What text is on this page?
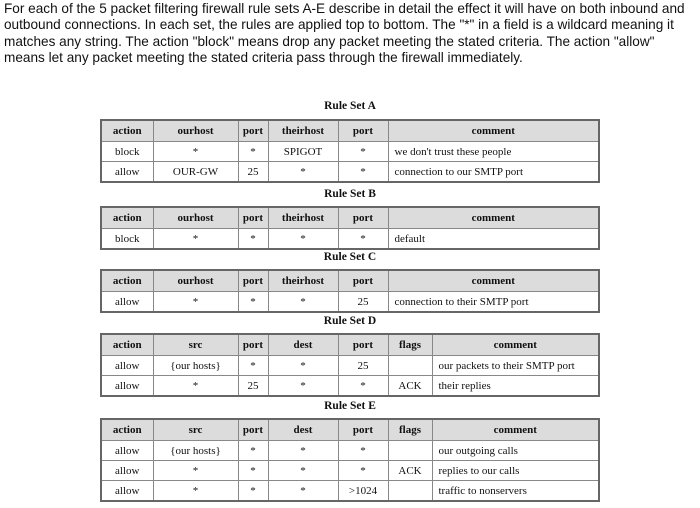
For each of the 5 packet filtering firewall rule sets A-E describe in detail the effect it will have on both inbound and outbound connections. In each set, the rules are applied top to bottom. The "*" in a field is a wildcard meaning it matches any string. The action "block" means drop any packet meeting the stated criteria. The action "allow" means let any packet meeting the stated criteria pass through the firewall immediately.

Rule Set A
action	ourhost	port	theirhost	port	comment
block	*	*	SPIGOT	*	we don't trust these people
allow	OUR-GW	25	*	*	connection to our SMTP port
Rule Set B
action	ourhost	port	theirhost	port	comment
block	*	*	*	*	default
Rule Set C
action	ourhost	port	theirhost	port	comment
allow	*	*	*	25	connection to their SMTP port
Rule Set D
action	src	port	dest	port	flags	comment
allow	{our hosts}	*	*	25		our packets to their SMTP port
allow	*	25	*	*	ACK	their replies
Rule Set E
action	src	port	dest	port	flags	comment
allow	{our hosts}	*	*	*		our outgoing calls
allow	*	*	*	*	ACK	replies to our calls
allow	*	*	*	>1024		traffic to nonservers
